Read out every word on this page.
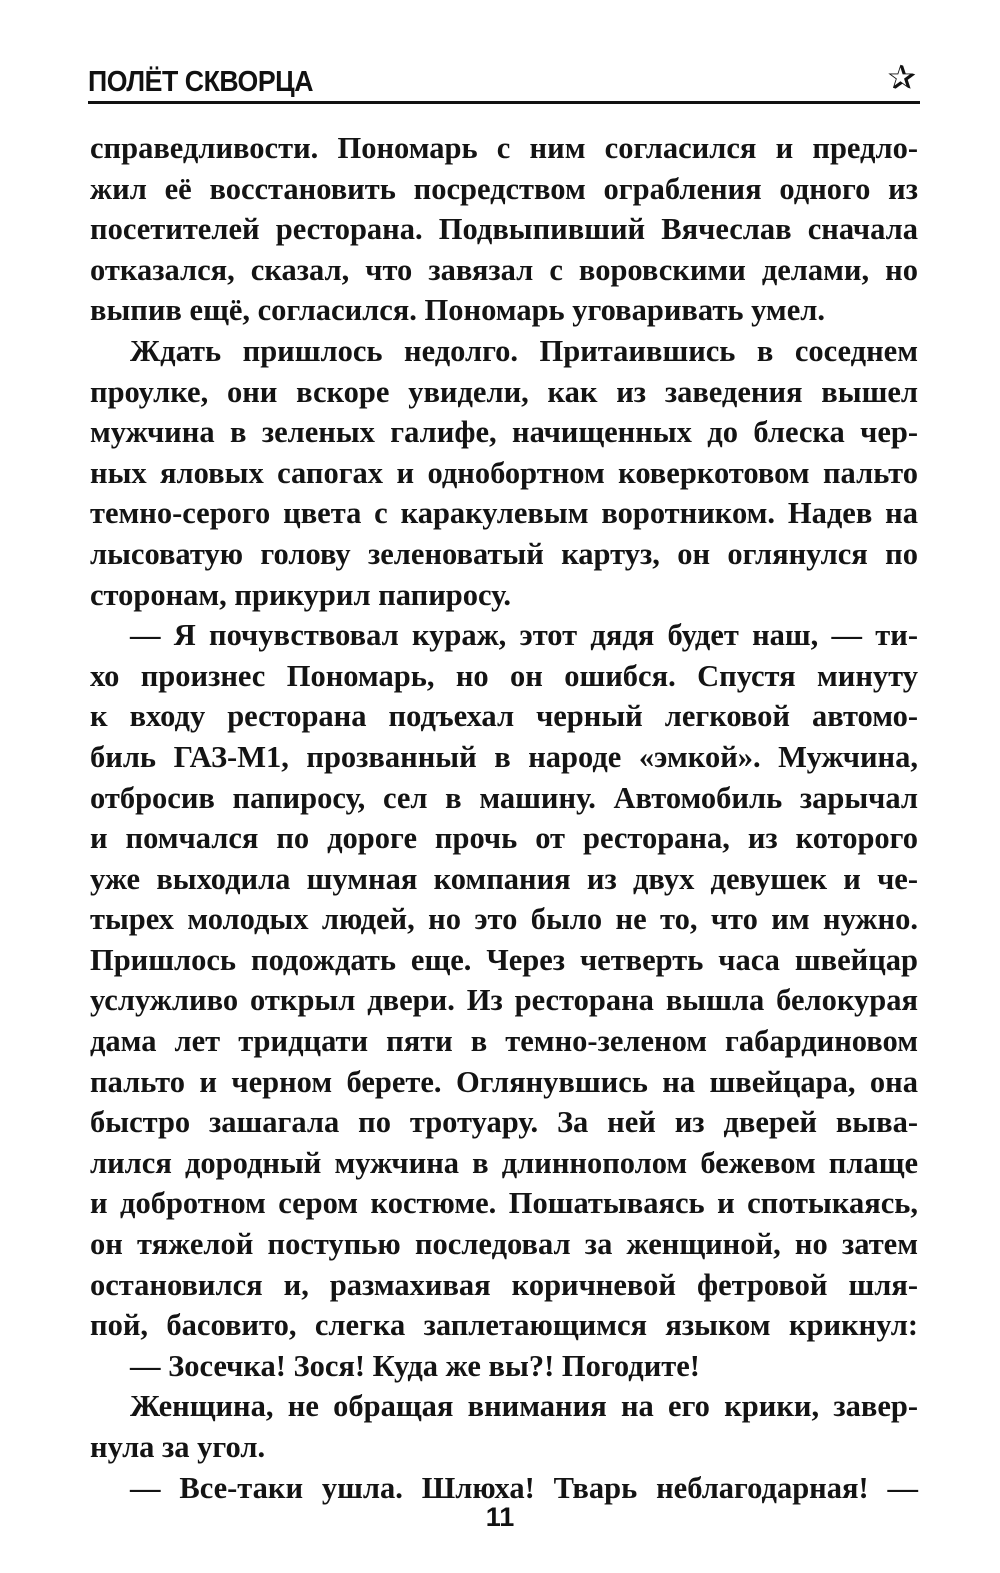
ПОЛЁТ СКВОРЦА	✰
справедливости. Пономарь с ним согласился и предло-
жил её восстановить посредством ограбления одного из
посетителей ресторана. Подвыпивший Вячеслав сначала
отказался, сказал, что завязал с воровскими делами, но
выпив ещё, согласился. Пономарь уговаривать умел.
Ждать пришлось недолго. Притаившись в соседнем
проулке, они вскоре увидели, как из заведения вышел
мужчина в зеленых галифе, начищенных до блеска чер-
ных яловых сапогах и однобортном коверкотовом пальто
темно-серого цвета с каракулевым воротником. Надев на
лысоватую голову зеленоватый картуз, он оглянулся по
сторонам, прикурил папиросу.
— Я почувствовал кураж, этот дядя будет наш, — ти-
хо произнес Пономарь, но он ошибся. Спустя минуту
к входу ресторана подъехал черный легковой автомо-
биль ГАЗ-М1, прозванный в народе «эмкой». Мужчина,
отбросив папиросу, сел в машину. Автомобиль зарычал
и помчался по дороге прочь от ресторана, из которого
уже выходила шумная компания из двух девушек и че-
тырех молодых людей, но это было не то, что им нужно.
Пришлось подождать еще. Через четверть часа швейцар
услужливо открыл двери. Из ресторана вышла белокурая
дама лет тридцати пяти в темно-зеленом габардиновом
пальто и черном берете. Оглянувшись на швейцара, она
быстро зашагала по тротуару. За ней из дверей выва-
лился дородный мужчина в длиннополом бежевом плаще
и добротном сером костюме. Пошатываясь и спотыкаясь,
он тяжелой поступью последовал за женщиной, но затем
остановился и, размахивая коричневой фетровой шля-
пой, басовито, слегка заплетающимся языком крикнул:
— Зосечка! Зося! Куда же вы?! Погодите!
Женщина, не обращая внимания на его крики, завер-
нула за угол.
— Все-таки ушла. Шлюха! Тварь неблагодарная! —
11
